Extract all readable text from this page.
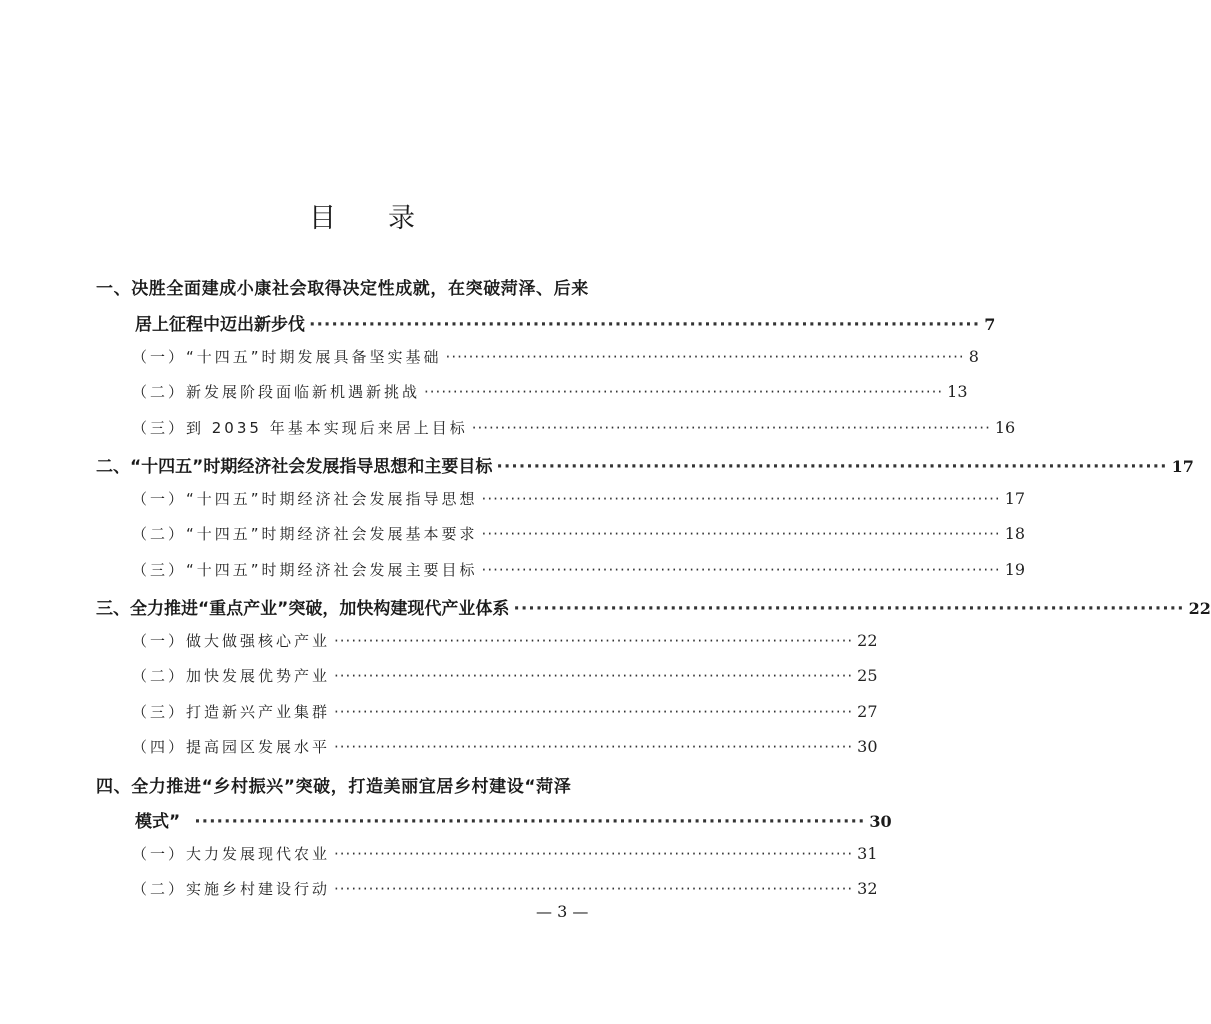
目 录
一、决胜全面建成小康社会取得决定性成就，在突破菏泽、后来
居上征程中迈出新步伐 ·························································································· 7
（一）“十四五”时期发展具备坚实基础 ·························································································· 8
（二）新发展阶段面临新机遇新挑战 ·························································································· 13
（三）到 2035 年基本实现后来居上目标 ·························································································· 16
二、“十四五”时期经济社会发展指导思想和主要目标 ·························································································· 17
（一）“十四五”时期经济社会发展指导思想 ·························································································· 17
（二）“十四五”时期经济社会发展基本要求 ·························································································· 18
（三）“十四五”时期经济社会发展主要目标 ·························································································· 19
三、全力推进“重点产业”突破，加快构建现代产业体系 ·························································································· 22
（一）做大做强核心产业 ·························································································· 22
（二）加快发展优势产业 ·························································································· 25
（三）打造新兴产业集群 ·························································································· 27
（四）提高园区发展水平 ·························································································· 30
四、全力推进“乡村振兴”突破，打造美丽宜居乡村建设“菏泽
模式” ·························································································· 30
（一）大力发展现代农业 ·························································································· 31
（二）实施乡村建设行动 ·························································································· 32
— 3 —
